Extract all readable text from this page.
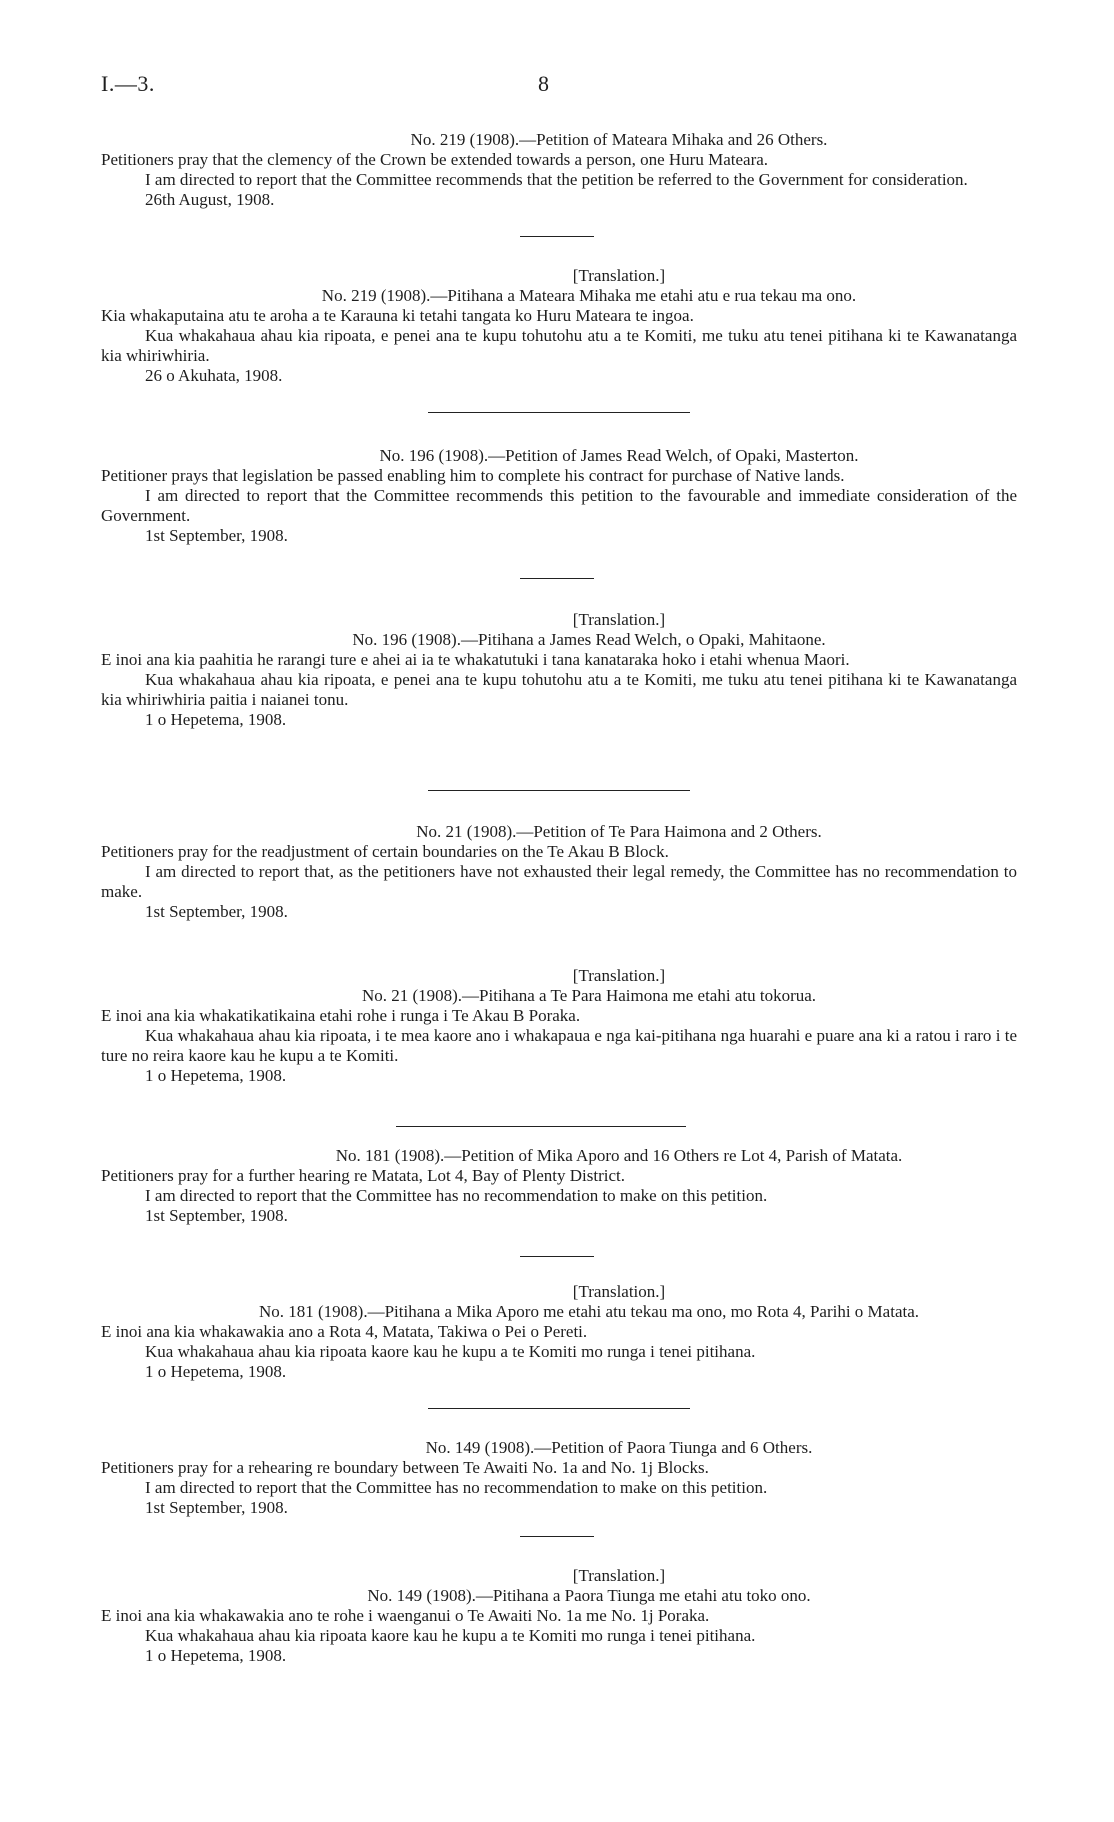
I.—3.	8

No. 219 (1908).—Petition of Mateara Mihaka and 26 Others.

Petitioners pray that the clemency of the Crown be extended towards a person, one Huru Mateara.

I am directed to report that the Committee recommends that the petition be referred to the Government for consideration.

26th August, 1908.

[Translation.]

No. 219 (1908).—Pitihana a Mateara Mihaka me etahi atu e rua tekau ma ono.

Kia whakaputaina atu te aroha a te Karauna ki tetahi tangata ko Huru Mateara te ingoa.

Kua whakahaua ahau kia ripoata, e penei ana te kupu tohutohu atu a te Komiti, me tuku atu tenei pitihana ki te Kawanatanga kia whiriwhiria.

26 o Akuhata, 1908.

No. 196 (1908).—Petition of James Read Welch, of Opaki, Masterton.

Petitioner prays that legislation be passed enabling him to complete his contract for purchase of Native lands.

I am directed to report that the Committee recommends this petition to the favourable and immediate consideration of the Government.

1st September, 1908.

[Translation.]

No. 196 (1908).—Pitihana a James Read Welch, o Opaki, Mahitaone.

E inoi ana kia paahitia he rarangi ture e ahei ai ia te whakatutuki i tana kanataraka hoko i etahi whenua Maori.

Kua whakahaua ahau kia ripoata, e penei ana te kupu tohutohu atu a te Komiti, me tuku atu tenei pitihana ki te Kawanatanga kia whiriwhiria paitia i naianei tonu.

1 o Hepetema, 1908.

No. 21 (1908).—Petition of Te Para Haimona and 2 Others.

Petitioners pray for the readjustment of certain boundaries on the Te Akau B Block.

I am directed to report that, as the petitioners have not exhausted their legal remedy, the Committee has no recommendation to make.

1st September, 1908.

[Translation.]

No. 21 (1908).—Pitihana a Te Para Haimona me etahi atu tokorua.

E inoi ana kia whakatikatikaina etahi rohe i runga i Te Akau B Poraka.

Kua whakahaua ahau kia ripoata, i te mea kaore ano i whakapaua e nga kai-pitihana nga huarahi e puare ana ki a ratou i raro i te ture no reira kaore kau he kupu a te Komiti.

1 o Hepetema, 1908.

No. 181 (1908).—Petition of Mika Aporo and 16 Others re Lot 4, Parish of Matata.

Petitioners pray for a further hearing re Matata, Lot 4, Bay of Plenty District.

I am directed to report that the Committee has no recommendation to make on this petition.

1st September, 1908.

[Translation.]

No. 181 (1908).—Pitihana a Mika Aporo me etahi atu tekau ma ono, mo Rota 4, Parihi o Matata.

E inoi ana kia whakawakia ano a Rota 4, Matata, Takiwa o Pei o Pereti.

Kua whakahaua ahau kia ripoata kaore kau he kupu a te Komiti mo runga i tenei pitihana.

1 o Hepetema, 1908.

No. 149 (1908).—Petition of Paora Tiunga and 6 Others.

Petitioners pray for a rehearing re boundary between Te Awaiti No. 1a and No. 1j Blocks.

I am directed to report that the Committee has no recommendation to make on this petition.

1st September, 1908.

[Translation.]

No. 149 (1908).—Pitihana a Paora Tiunga me etahi atu toko ono.

E inoi ana kia whakawakia ano te rohe i waenganui o Te Awaiti No. 1a me No. 1j Poraka.

Kua whakahaua ahau kia ripoata kaore kau he kupu a te Komiti mo runga i tenei pitihana.

1 o Hepetema, 1908.
